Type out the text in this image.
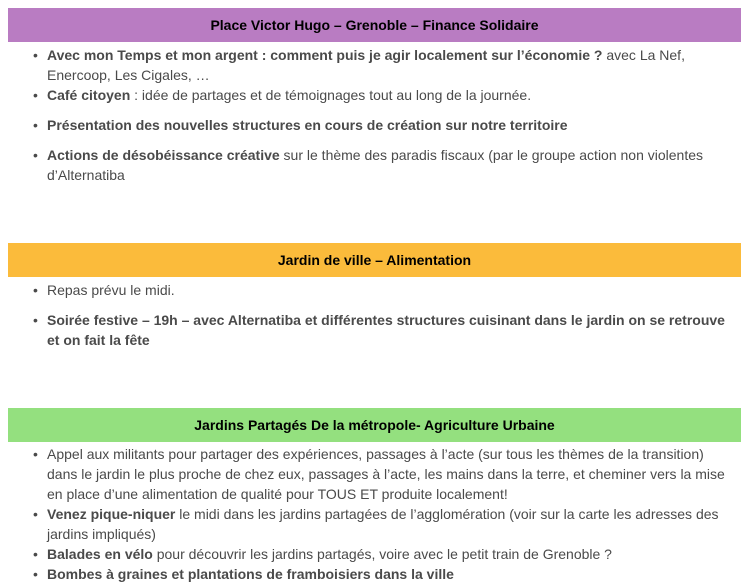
Place Victor Hugo – Grenoble – Finance Solidaire
• Avec mon Temps et mon argent : comment puis je agir localement sur l’économie ? avec La Nef, Enercoop, Les Cigales, …
• Café citoyen : idée de partages et de témoignages tout au long de la journée.
• Présentation des nouvelles structures en cours de création sur notre territoire
• Actions de désobéissance créative sur le thème des paradis fiscaux (par le groupe action non violentes d’Alternatiba
Jardin de ville – Alimentation
• Repas prévu le midi.
• Soirée festive – 19h – avec Alternatiba et différentes structures cuisinant dans le jardin on se retrouve et on fait la fête
Jardins Partagés De la métropole- Agriculture Urbaine
• Appel aux militants pour partager des expériences, passages à l’acte (sur tous les thèmes de la transition) dans le jardin le plus proche de chez eux, passages à l’acte, les mains dans la terre, et cheminer vers la mise en place d’une alimentation de qualité pour TOUS ET produite localement!
• Venez pique-niquer le midi dans les jardins partagées de l’agglomération (voir sur la carte les adresses des jardins impliqués)
• Balades en vélo pour découvrir les jardins partagés, voire avec le petit train de Grenoble ?
• Bombes à graines et plantations de framboisiers dans la ville
